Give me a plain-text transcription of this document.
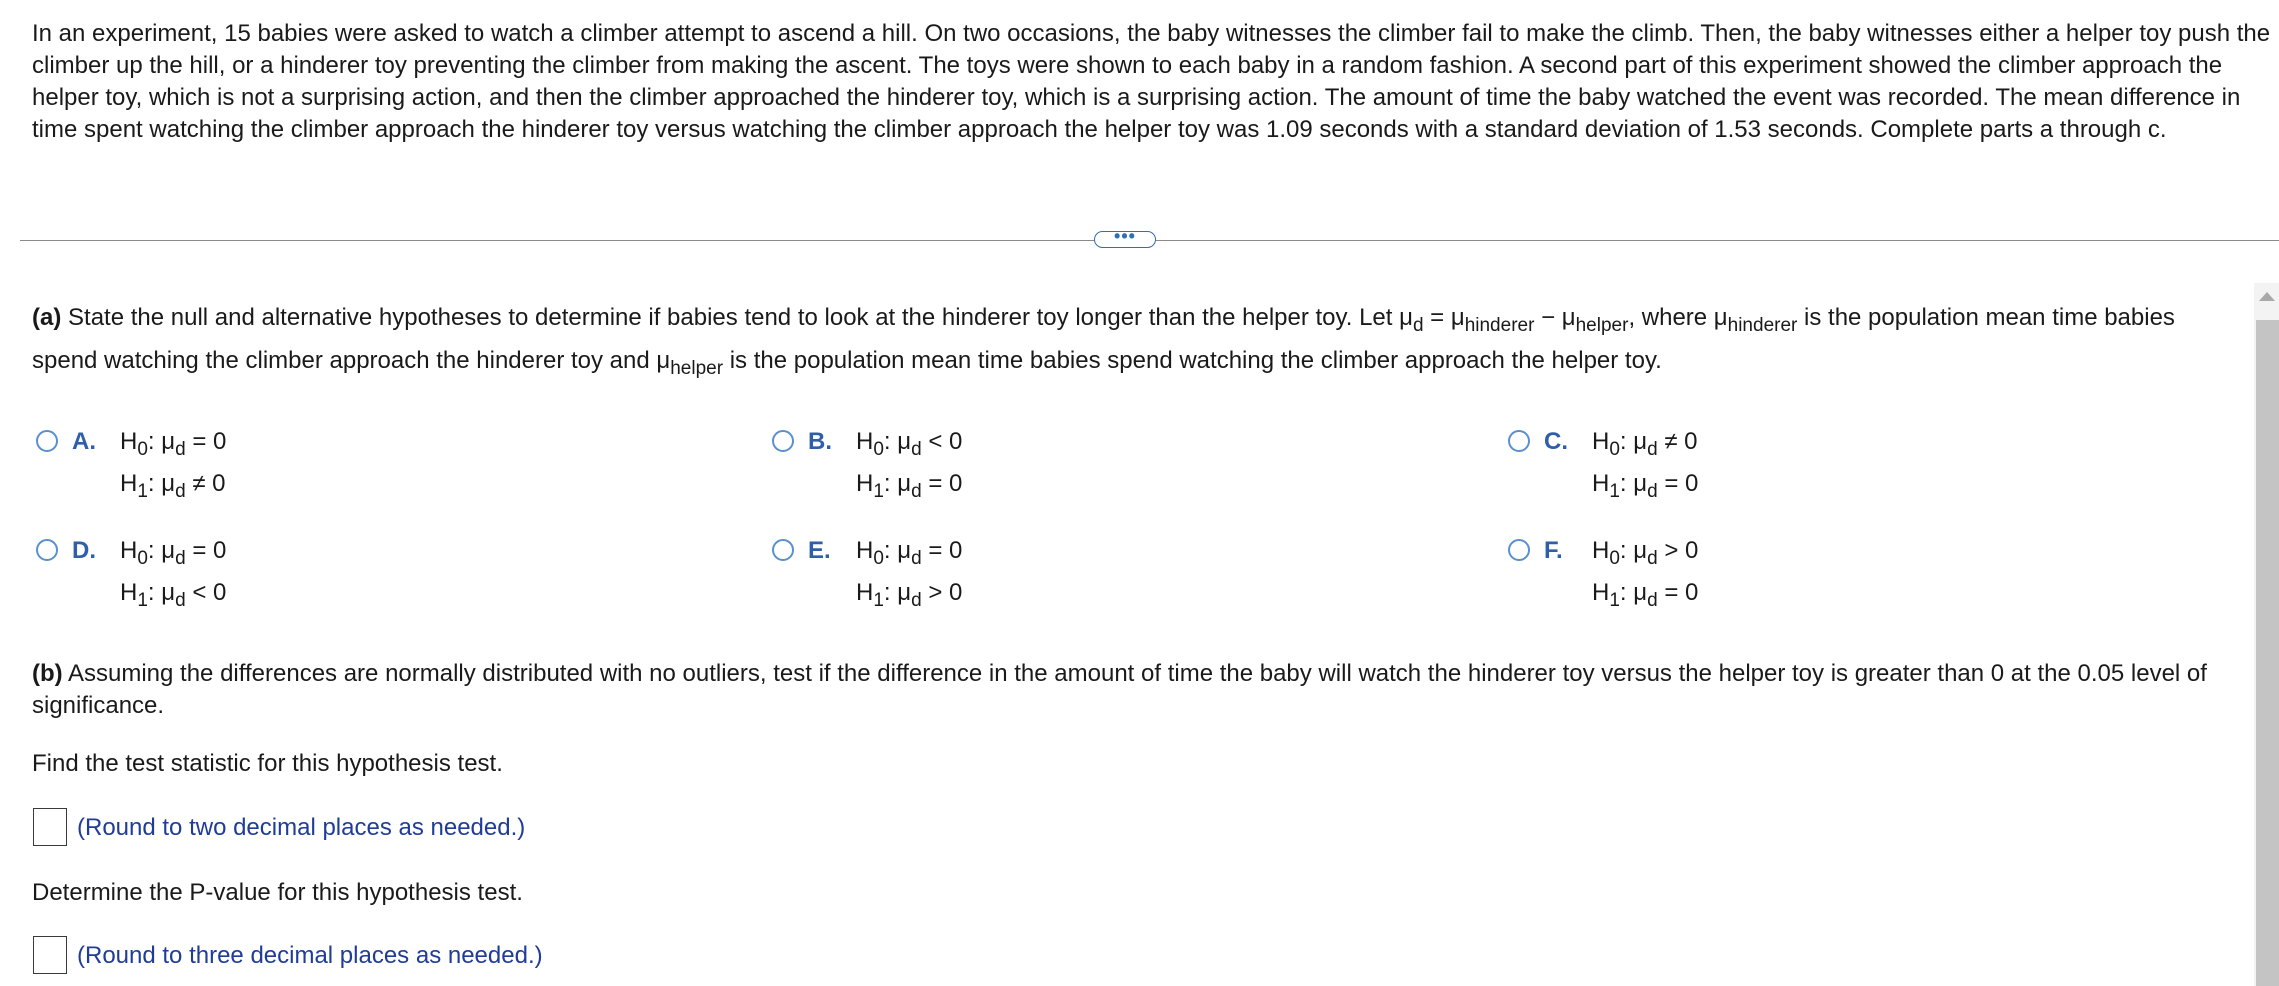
In an experiment, 15 babies were asked to watch a climber attempt to ascend a hill. On two occasions, the baby witnesses the climber fail to make the climb. Then, the baby witnesses either a helper toy push the climber up the hill, or a hinderer toy preventing the climber from making the ascent. The toys were shown to each baby in a random fashion. A second part of this experiment showed the climber approach the helper toy, which is not a surprising action, and then the climber approached the hinderer toy, which is a surprising action. The amount of time the baby watched the event was recorded. The mean difference in time spent watching the climber approach the hinderer toy versus watching the climber approach the helper toy was 1.09 seconds with a standard deviation of 1.53 seconds. Complete parts a through c.

•••

(a) State the null and alternative hypotheses to determine if babies tend to look at the hinderer toy longer than the helper toy. Let $\mu_d = \mu_{hinderer} - \mu_{helper}$, where $\mu_{hinderer}$ is the population mean time babies spend watching the climber approach the hinderer toy and $\mu_{helper}$ is the population mean time babies spend watching the climber approach the helper toy.

A. $H_0$: $\mu_d = 0$
$H_1$: $\mu_d \ne 0$
B. $H_0$: $\mu_d < 0$
$H_1$: $\mu_d = 0$
C. $H_0$: $\mu_d \ne 0$
$H_1$: $\mu_d = 0$
D. $H_0$: $\mu_d = 0$
$H_1$: $\mu_d < 0$
E. $H_0$: $\mu_d = 0$
$H_1$: $\mu_d > 0$
F. $H_0$: $\mu_d > 0$
$H_1$: $\mu_d = 0$

(b) Assuming the differences are normally distributed with no outliers, test if the difference in the amount of time the baby will watch the hinderer toy versus the helper toy is greater than 0 at the 0.05 level of significance.

Find the test statistic for this hypothesis test.

(Round to two decimal places as needed.)

Determine the P-value for this hypothesis test.

(Round to three decimal places as needed.)
